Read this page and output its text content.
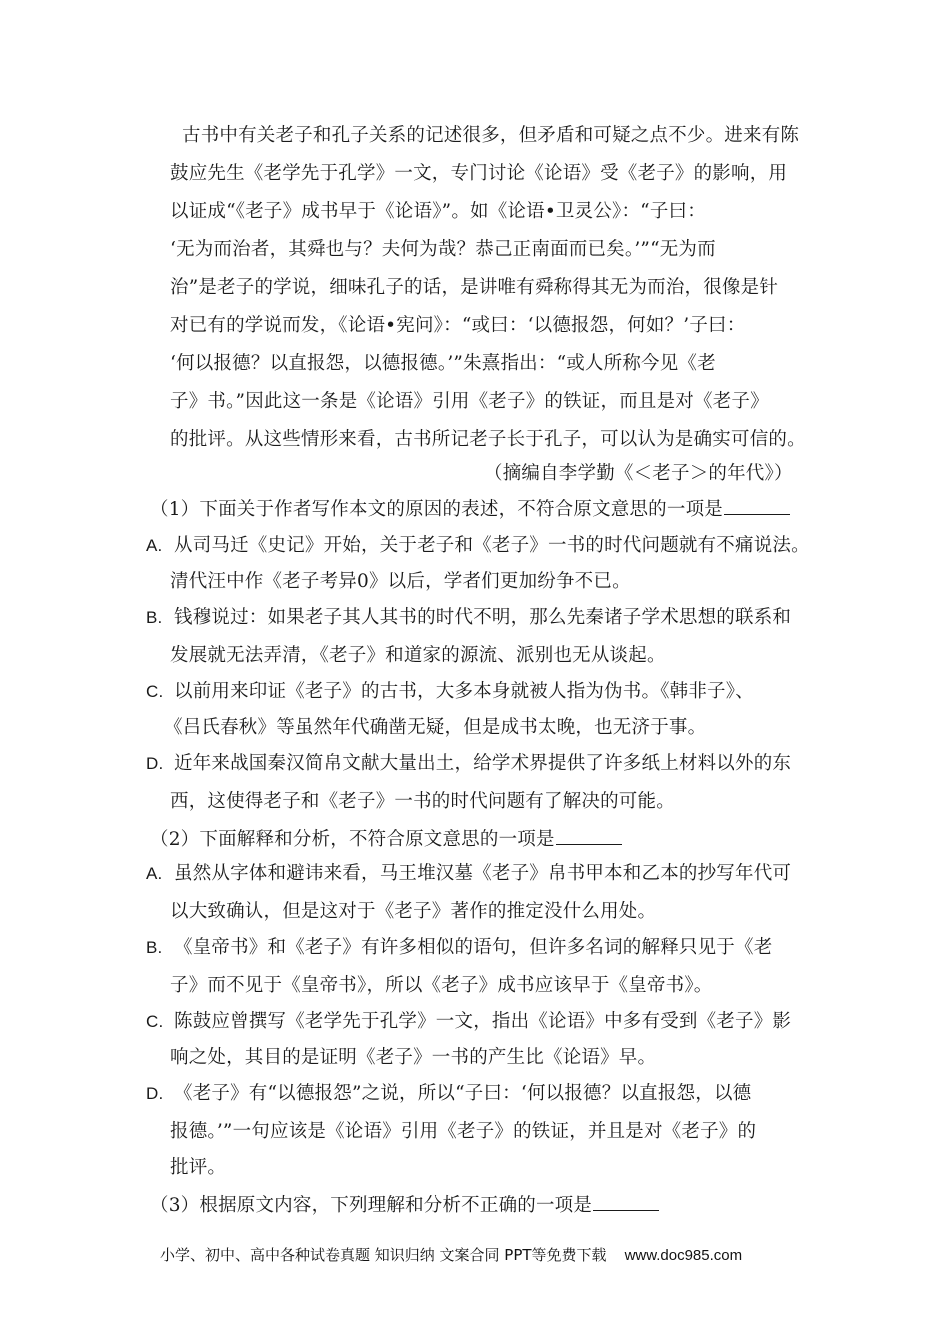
古书中有关老子和孔子关系的记述很多，但矛盾和可疑之点不少。进来有陈
鼓应先生《老学先于孔学》一文，专门讨论《论语》受《老子》的影响，用
以证成“《老子》成书早于《论语》”。如《论语•卫灵公》：“子曰：
‘无为而治者，其舜也与？夫何为哉？恭己正南面而已矣。’”“无为而
治”是老子的学说，细味孔子的话，是讲唯有舜称得其无为而治，很像是针
对已有的学说而发，《论语•宪问》：“或曰：‘以德报怨，何如？’子曰：
‘何以报德？以直报怨，以德报德。’”朱熹指出：“或人所称今见《老
子》书。”因此这一条是《论语》引用《老子》的铁证，而且是对《老子》
的批评。从这些情形来看，古书所记老子长于孔子，可以认为是确实可信的。
（摘编自李学勤《＜老子＞的年代》）
（1）下面关于作者写作本文的原因的表述，不符合原文意思的一项是
A. 从司马迁《史记》开始，关于老子和《老子》一书的时代问题就有不痛说法。
清代汪中作《老子考异0》以后，学者们更加纷争不已。
B. 钱穆说过：如果老子其人其书的时代不明，那么先秦诸子学术思想的联系和
发展就无法弄清，《老子》和道家的源流、派别也无从谈起。
C. 以前用来印证《老子》的古书，大多本身就被人指为伪书。《韩非子》、
《吕氏春秋》等虽然年代确凿无疑，但是成书太晚，也无济于事。
D. 近年来战国秦汉简帛文献大量出土，给学术界提供了许多纸上材料以外的东
西，这使得老子和《老子》一书的时代问题有了解决的可能。
（2）下面解释和分析，不符合原文意思的一项是
A. 虽然从字体和避讳来看，马王堆汉墓《老子》帛书甲本和乙本的抄写年代可
以大致确认，但是这对于《老子》著作的推定没什么用处。
B. 《皇帝书》和《老子》有许多相似的语句，但许多名词的解释只见于《老
子》而不见于《皇帝书》，所以《老子》成书应该早于《皇帝书》。
C. 陈鼓应曾撰写《老学先于孔学》一文，指出《论语》中多有受到《老子》影
响之处，其目的是证明《老子》一书的产生比《论语》早。
D. 《老子》有“以德报怨”之说，所以“子曰：‘何以报德？以直报怨，以德
报德。’”一句应该是《论语》引用《老子》的铁证，并且是对《老子》的
批评。
（3）根据原文内容，下列理解和分析不正确的一项是
小学、初中、高中各种试卷真题 知识归纳 文案合同 PPT等免费下载 www.doc985.com
